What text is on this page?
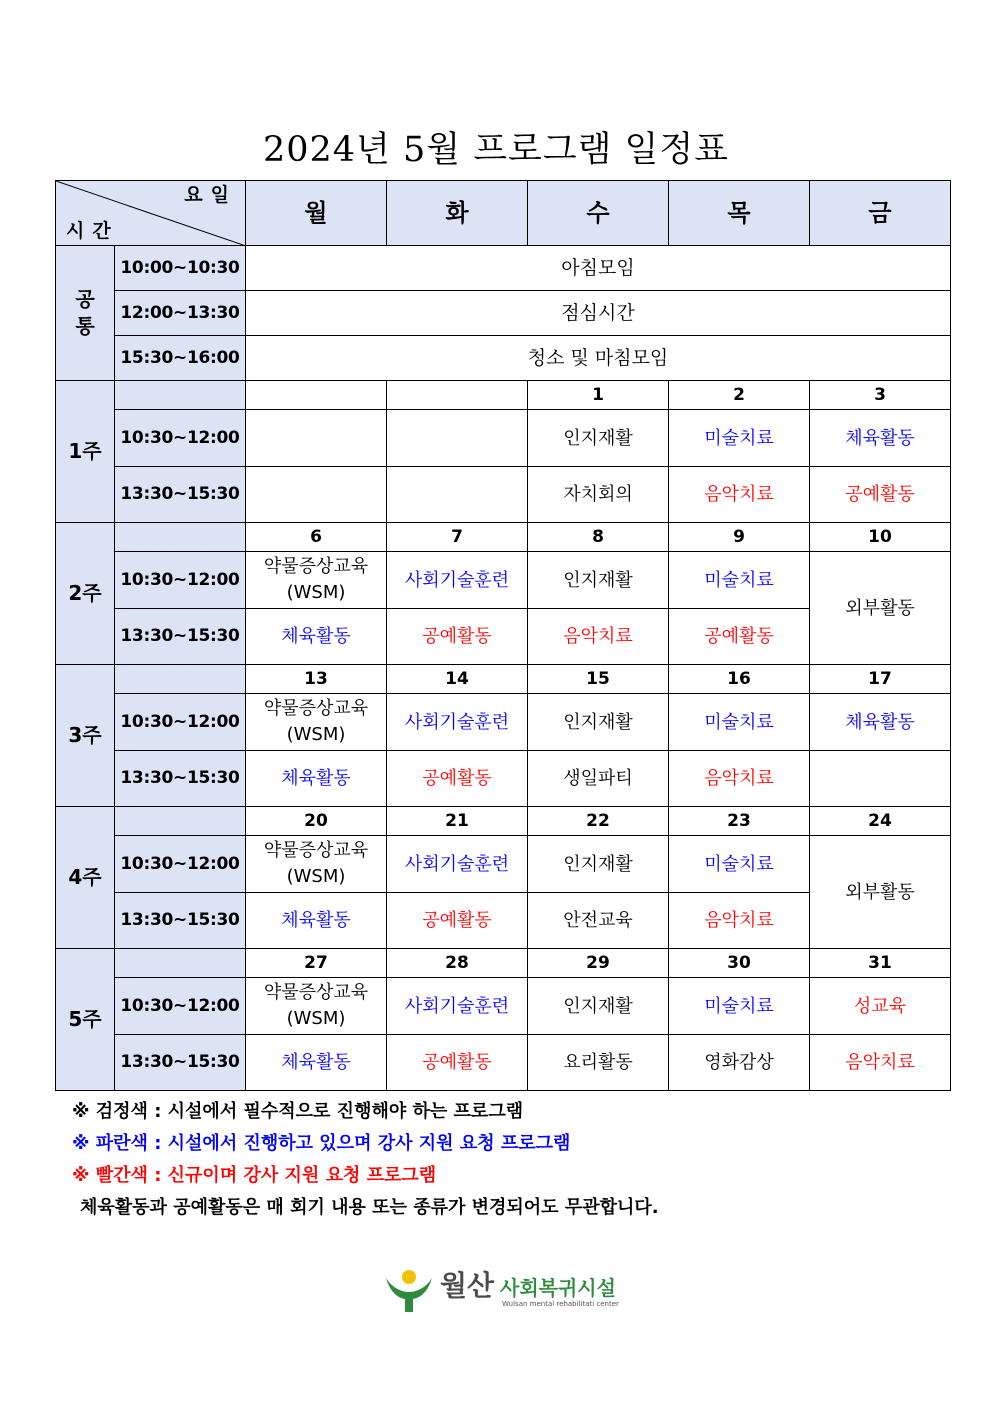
2024년 5월 프로그램 일정표
요일
시간		월	화	수	목	금
공
통	10:00~10:30	아침모임				
	12:00~13:30	점심시간				
	15:30~16:00	청소 및 마침모임				
1주				1	2	3
	10:30~12:00			인지재활	미술치료	체육활동
	13:30~15:30			자치회의	음악치료	공예활동
2주		6	7	8	9	10
	10:30~12:00	약물증상교육
(WSM)	사회기술훈련	인지재활	미술치료	외부활동
	13:30~15:30	체육활동	공예활동	음악치료	공예활동	
3주		13	14	15	16	17
	10:30~12:00	약물증상교육
(WSM)	사회기술훈련	인지재활	미술치료	체육활동
	13:30~15:30	체육활동	공예활동	생일파티	음악치료	
4주		20	21	22	23	24
	10:30~12:00	약물증상교육
(WSM)	사회기술훈련	인지재활	미술치료	외부활동
	13:30~15:30	체육활동	공예활동	안전교육	음악치료	
5주		27	28	29	30	31
	10:30~12:00	약물증상교육
(WSM)	사회기술훈련	인지재활	미술치료	성교육
	13:30~15:30	체육활동	공예활동	요리활동	영화감상	음악치료
※ 검정색 : 시설에서 필수적으로 진행해야 하는 프로그램
※ 파란색 : 시설에서 진행하고 있으며 강사 지원 요청 프로그램
※ 빨간색 : 신규이며 강사 지원 요청 프로그램
체육활동과 공예활동은 매 회기 내용 또는 종류가 변경되어도 무관합니다.
월산 사회복귀시설
Wulsan mental rehabilitati center
